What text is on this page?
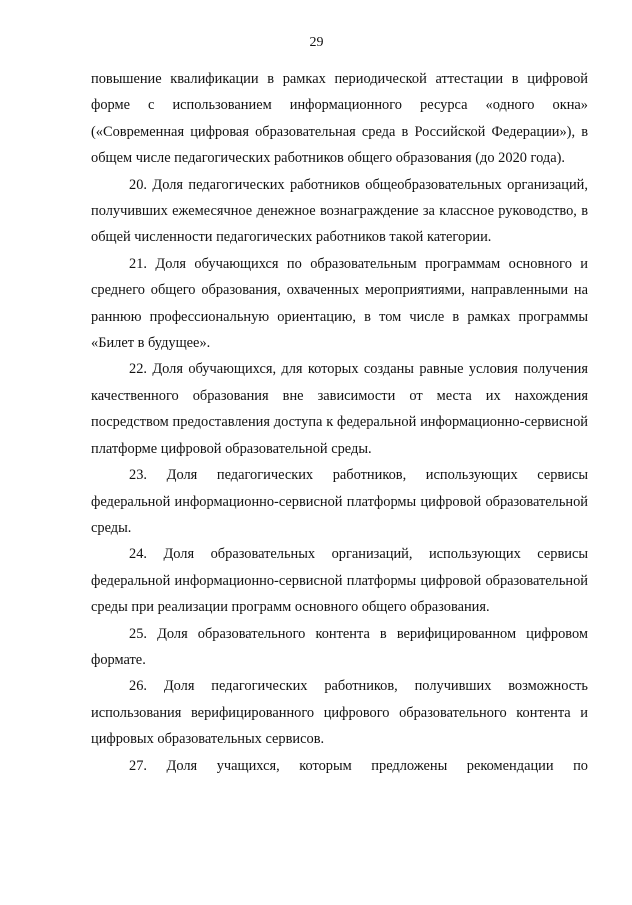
29

повышение квалификации в рамках периодической аттестации в цифровой форме с использованием информационного ресурса «одного окна» («Современная цифровая образовательная среда в Российской Федерации»), в общем числе педагогических работников общего образования (до 2020 года).

20. Доля педагогических работников общеобразовательных организаций, получивших ежемесячное денежное вознаграждение за классное руководство, в общей численности педагогических работников такой категории.

21. Доля обучающихся по образовательным программам основного и среднего общего образования, охваченных мероприятиями, направленными на раннюю профессиональную ориентацию, в том числе в рамках программы «Билет в будущее».

22. Доля обучающихся, для которых созданы равные условия получения качественного образования вне зависимости от места их нахождения посредством предоставления доступа к федеральной информационно-сервисной платформе цифровой образовательной среды.

23. Доля педагогических работников, использующих сервисы федеральной информационно-сервисной платформы цифровой образовательной среды.

24. Доля образовательных организаций, использующих сервисы федеральной информационно-сервисной платформы цифровой образовательной среды при реализации программ основного общего образования.

25. Доля образовательного контента в верифицированном цифровом формате.

26. Доля педагогических работников, получивших возможность использования верифицированного цифрового образовательного контента и цифровых образовательных сервисов.

27. Доля учащихся, которым предложены рекомендации по
